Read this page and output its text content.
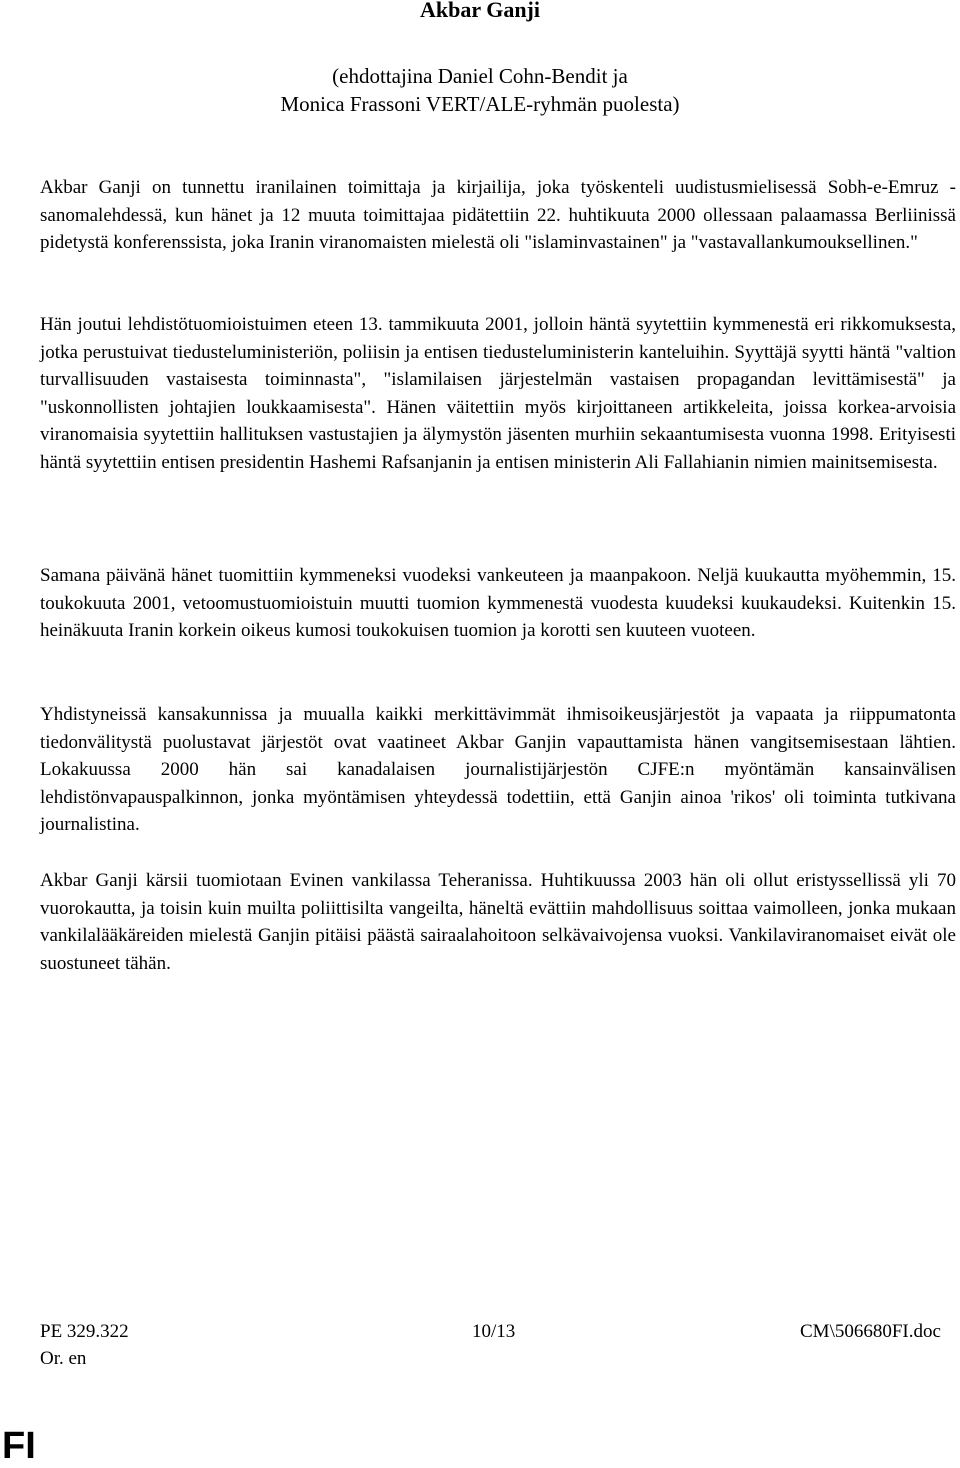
Akbar Ganji
(ehdottajina Daniel Cohn-Bendit ja
Monica Frassoni VERT/ALE-ryhmän puolesta)

Akbar Ganji on tunnettu iranilainen toimittaja ja kirjailija, joka työskenteli uudistusmielisessä Sobh-e-Emruz -sanomalehdessä, kun hänet ja 12 muuta toimittajaa pidätettiin 22. huhtikuuta 2000 ollessaan palaamassa Berliinissä pidetystä konferenssista, joka Iranin viranomaisten mielestä oli "islaminvastainen" ja "vastavallankumouksellinen."

Hän joutui lehdistötuomioistuimen eteen 13. tammikuuta 2001, jolloin häntä syytettiin kymmenestä eri rikkomuksesta, jotka perustuivat tiedusteluministeriön, poliisin ja entisen tiedusteluministerin kanteluihin. Syyttäjä syytti häntä "valtion turvallisuuden vastaisesta toiminnasta", "islamilaisen järjestelmän vastaisen propagandan levittämisestä" ja "uskonnollisten johtajien loukkaamisesta". Hänen väitettiin myös kirjoittaneen artikkeleita, joissa korkea-arvoisia viranomaisia syytettiin hallituksen vastustajien ja älymystön jäsenten murhiin sekaantumisesta vuonna 1998. Erityisesti häntä syytettiin entisen presidentin Hashemi Rafsanjanin ja entisen ministerin Ali Fallahianin nimien mainitsemisesta.

Samana päivänä hänet tuomittiin kymmeneksi vuodeksi vankeuteen ja maanpakoon. Neljä kuukautta myöhemmin, 15. toukokuuta 2001, vetoomustuomioistuin muutti tuomion kymmenestä vuodesta kuudeksi kuukaudeksi. Kuitenkin 15. heinäkuuta Iranin korkein oikeus kumosi toukokuisen tuomion ja korotti sen kuuteen vuoteen.

Yhdistyneissä kansakunnissa ja muualla kaikki merkittävimmät ihmisoikeusjärjestöt ja vapaata ja riippumatonta tiedonvälitystä puolustavat järjestöt ovat vaatineet Akbar Ganjin vapauttamista hänen vangitsemisestaan lähtien. Lokakuussa 2000 hän sai kanadalaisen journalistijärjestön CJFE:n myöntämän kansainvälisen lehdistönvapauspalkinnon, jonka myöntämisen yhteydessä todettiin, että Ganjin ainoa 'rikos' oli toiminta tutkivana journalistina.

Akbar Ganji kärsii tuomiotaan Evinen vankilassa Teheranissa. Huhtikuussa 2003 hän oli ollut eristyssellissä yli 70 vuorokautta, ja toisin kuin muilta poliittisilta vangeilta, häneltä evättiin mahdollisuus soittaa vaimolleen, jonka mukaan vankilalääkäreiden mielestä Ganjin pitäisi päästä sairaalahoitoon selkävaivojensa vuoksi. Vankilaviranomaiset eivät ole suostuneet tähän.

PE 329.322	10/13	CM\506680FI.doc
Or. en
FI
